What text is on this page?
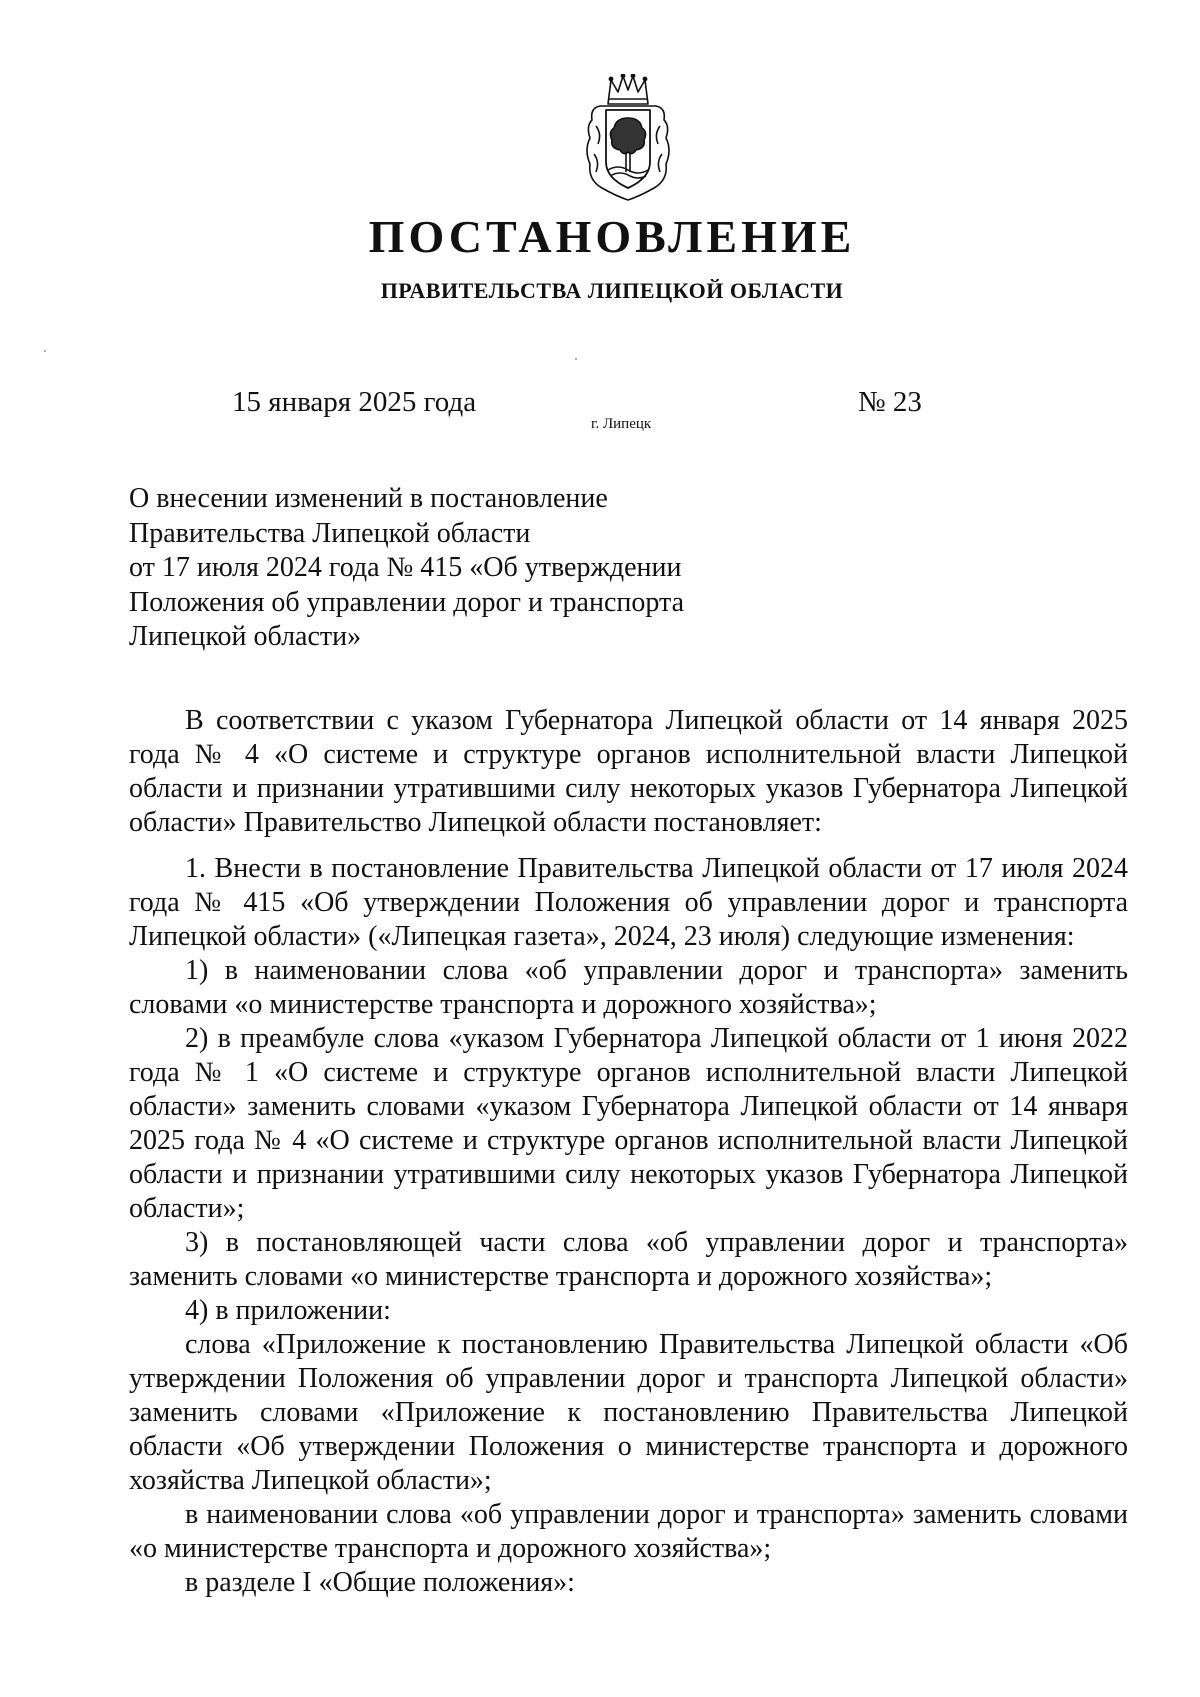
ПОСТАНОВЛЕНИЕ
ПРАВИТЕЛЬСТВА ЛИПЕЦКОЙ ОБЛАСТИ
15 января 2025 года
г. Липецк
№ 23
О внесении изменений в постановление
Правительства Липецкой области
от 17 июля 2024 года № 415 «Об утверждении
Положения об управлении дорог и транспорта
Липецкой области»

В соответствии с указом Губернатора Липецкой области от 14 января 2025 года № 4 «О системе и структуре органов исполнительной власти Липецкой области и признании утратившими силу некоторых указов Губернатора Липецкой области» Правительство Липецкой области постановляет:

1. Внести в постановление Правительства Липецкой области от 17 июля 2024 года № 415 «Об утверждении Положения об управлении дорог и транспорта Липецкой области» («Липецкая газета», 2024, 23 июля) следующие изменения:

1) в наименовании слова «об управлении дорог и транспорта» заменить словами «о министерстве транспорта и дорожного хозяйства»;

2) в преамбуле слова «указом Губернатора Липецкой области от 1 июня 2022 года № 1 «О системе и структуре органов исполнительной власти Липецкой области» заменить словами «указом Губернатора Липецкой области от 14 января 2025 года № 4 «О системе и структуре органов исполнительной власти Липецкой области и признании утратившими силу некоторых указов Губернатора Липецкой области»;

3) в постановляющей части слова «об управлении дорог и транспорта» заменить словами «о министерстве транспорта и дорожного хозяйства»;

4) в приложении:

слова «Приложение к постановлению Правительства Липецкой области «Об утверждении Положения об управлении дорог и транспорта Липецкой области» заменить словами «Приложение к постановлению Правительства Липецкой области «Об утверждении Положения о министерстве транспорта и дорожного хозяйства Липецкой области»;

в наименовании слова «об управлении дорог и транспорта» заменить словами «о министерстве транспорта и дорожного хозяйства»;

в разделе I «Общие положения»:
